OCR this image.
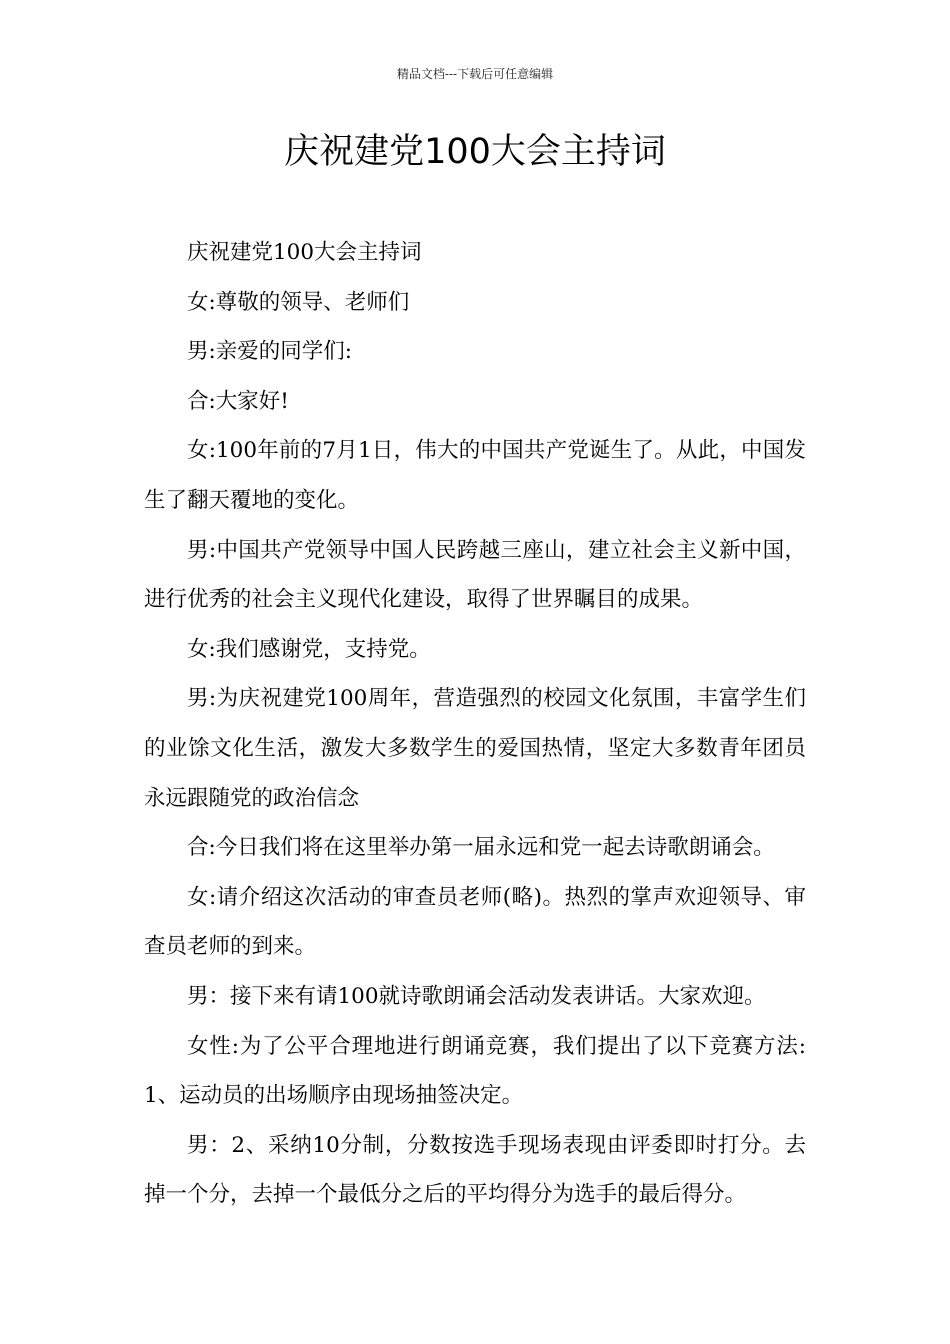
精品文档---下载后可任意编辑
庆祝建党100大会主持词

庆祝建党100大会主持词

女:尊敬的领导、老师们

男:亲爱的同学们:

合:大家好!

女:100年前的7月1日，伟大的中国共产党诞生了。从此，中国发生了翻天覆地的变化。

男:中国共产党领导中国人民跨越三座山，建立社会主义新中国，进行优秀的社会主义现代化建设，取得了世界瞩目的成果。

女:我们感谢党，支持党。

男:为庆祝建党100周年，营造强烈的校园文化氛围，丰富学生们的业馀文化生活，激发大多数学生的爱国热情，坚定大多数青年团员永远跟随党的政治信念

合:今日我们将在这里举办第一届永远和党一起去诗歌朗诵会。

女:请介绍这次活动的审查员老师(略)。热烈的掌声欢迎领导、审查员老师的到来。

男：接下来有请100就诗歌朗诵会活动发表讲话。大家欢迎。

女性:为了公平合理地进行朗诵竞赛，我们提出了以下竞赛方法:1、运动员的出场顺序由现场抽签决定。

男：2、采纳10分制，分数按选手现场表现由评委即时打分。去掉一个分，去掉一个最低分之后的平均得分为选手的最后得分。
